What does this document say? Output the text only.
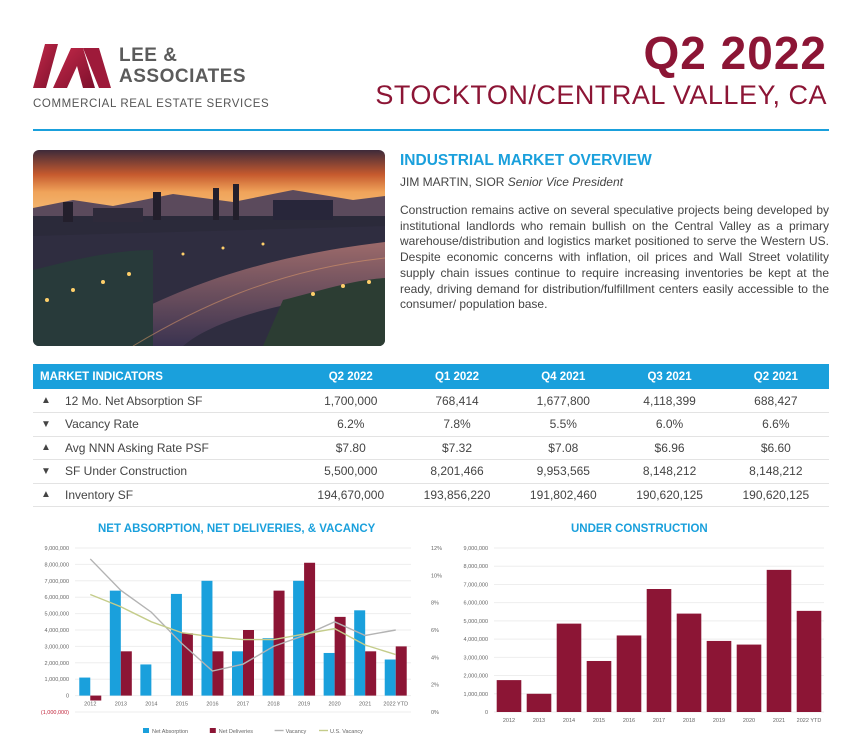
LEE &
ASSOCIATES
COMMERCIAL REAL ESTATE SERVICES
Q2 2022
STOCKTON/CENTRAL VALLEY, CA
INDUSTRIAL MARKET OVERVIEW
JIM MARTIN, SIOR Senior Vice President
Construction remains active on several speculative projects being developed by institutional landlords who remain bullish on the Central Valley as a primary warehouse/distribution and logistics market positioned to serve the Western US. Despite economic concerns with inflation, oil prices and Wall Street volatility supply chain issues continue to require increasing inventories be kept at the ready, driving demand for distribution/fulfillment centers easily accessible to the consumer/ population base.
MARKET INDICATORS		Q2 2022	Q1 2022	Q4 2021	Q3 2021	Q2 2021
▲	12 Mo. Net Absorption SF	1,700,000	768,414	1,677,800	4,118,399	688,427
▼	Vacancy Rate	6.2%	7.8%	5.5%	6.0%	6.6%
▲	Avg NNN Asking Rate PSF	$7.80	$7.32	$7.08	$6.96	$6.60
▼	SF Under Construction	5,500,000	8,201,466	9,953,565	8,148,212	8,148,212
▲	Inventory SF	194,670,000	193,856,220	191,802,460	190,620,125	190,620,125
NET ABSORPTION, NET DELIVERIES, & VACANCY
(1,000,000)
0
1,000,000
2,000,000
3,000,000
4,000,000
5,000,000
6,000,000
7,000,000
8,000,000
9,000,000
0%
2%
4%
6%
8%
10%
12%
2012	2013	2014	2015	2016	2017	2018	2019	2020	2021 2022 YTD
Net Absorption	Net Deliveries	Vacancy	U.S. Vacancy
UNDER CONSTRUCTION
0
1,000,000
2,000,000
3,000,000
4,000,000
5,000,000
6,000,000
7,000,000
8,000,000
9,000,000
2012	2013	2014	2015	2016	2017	2018	2019	2020	2021 2022 YTD
